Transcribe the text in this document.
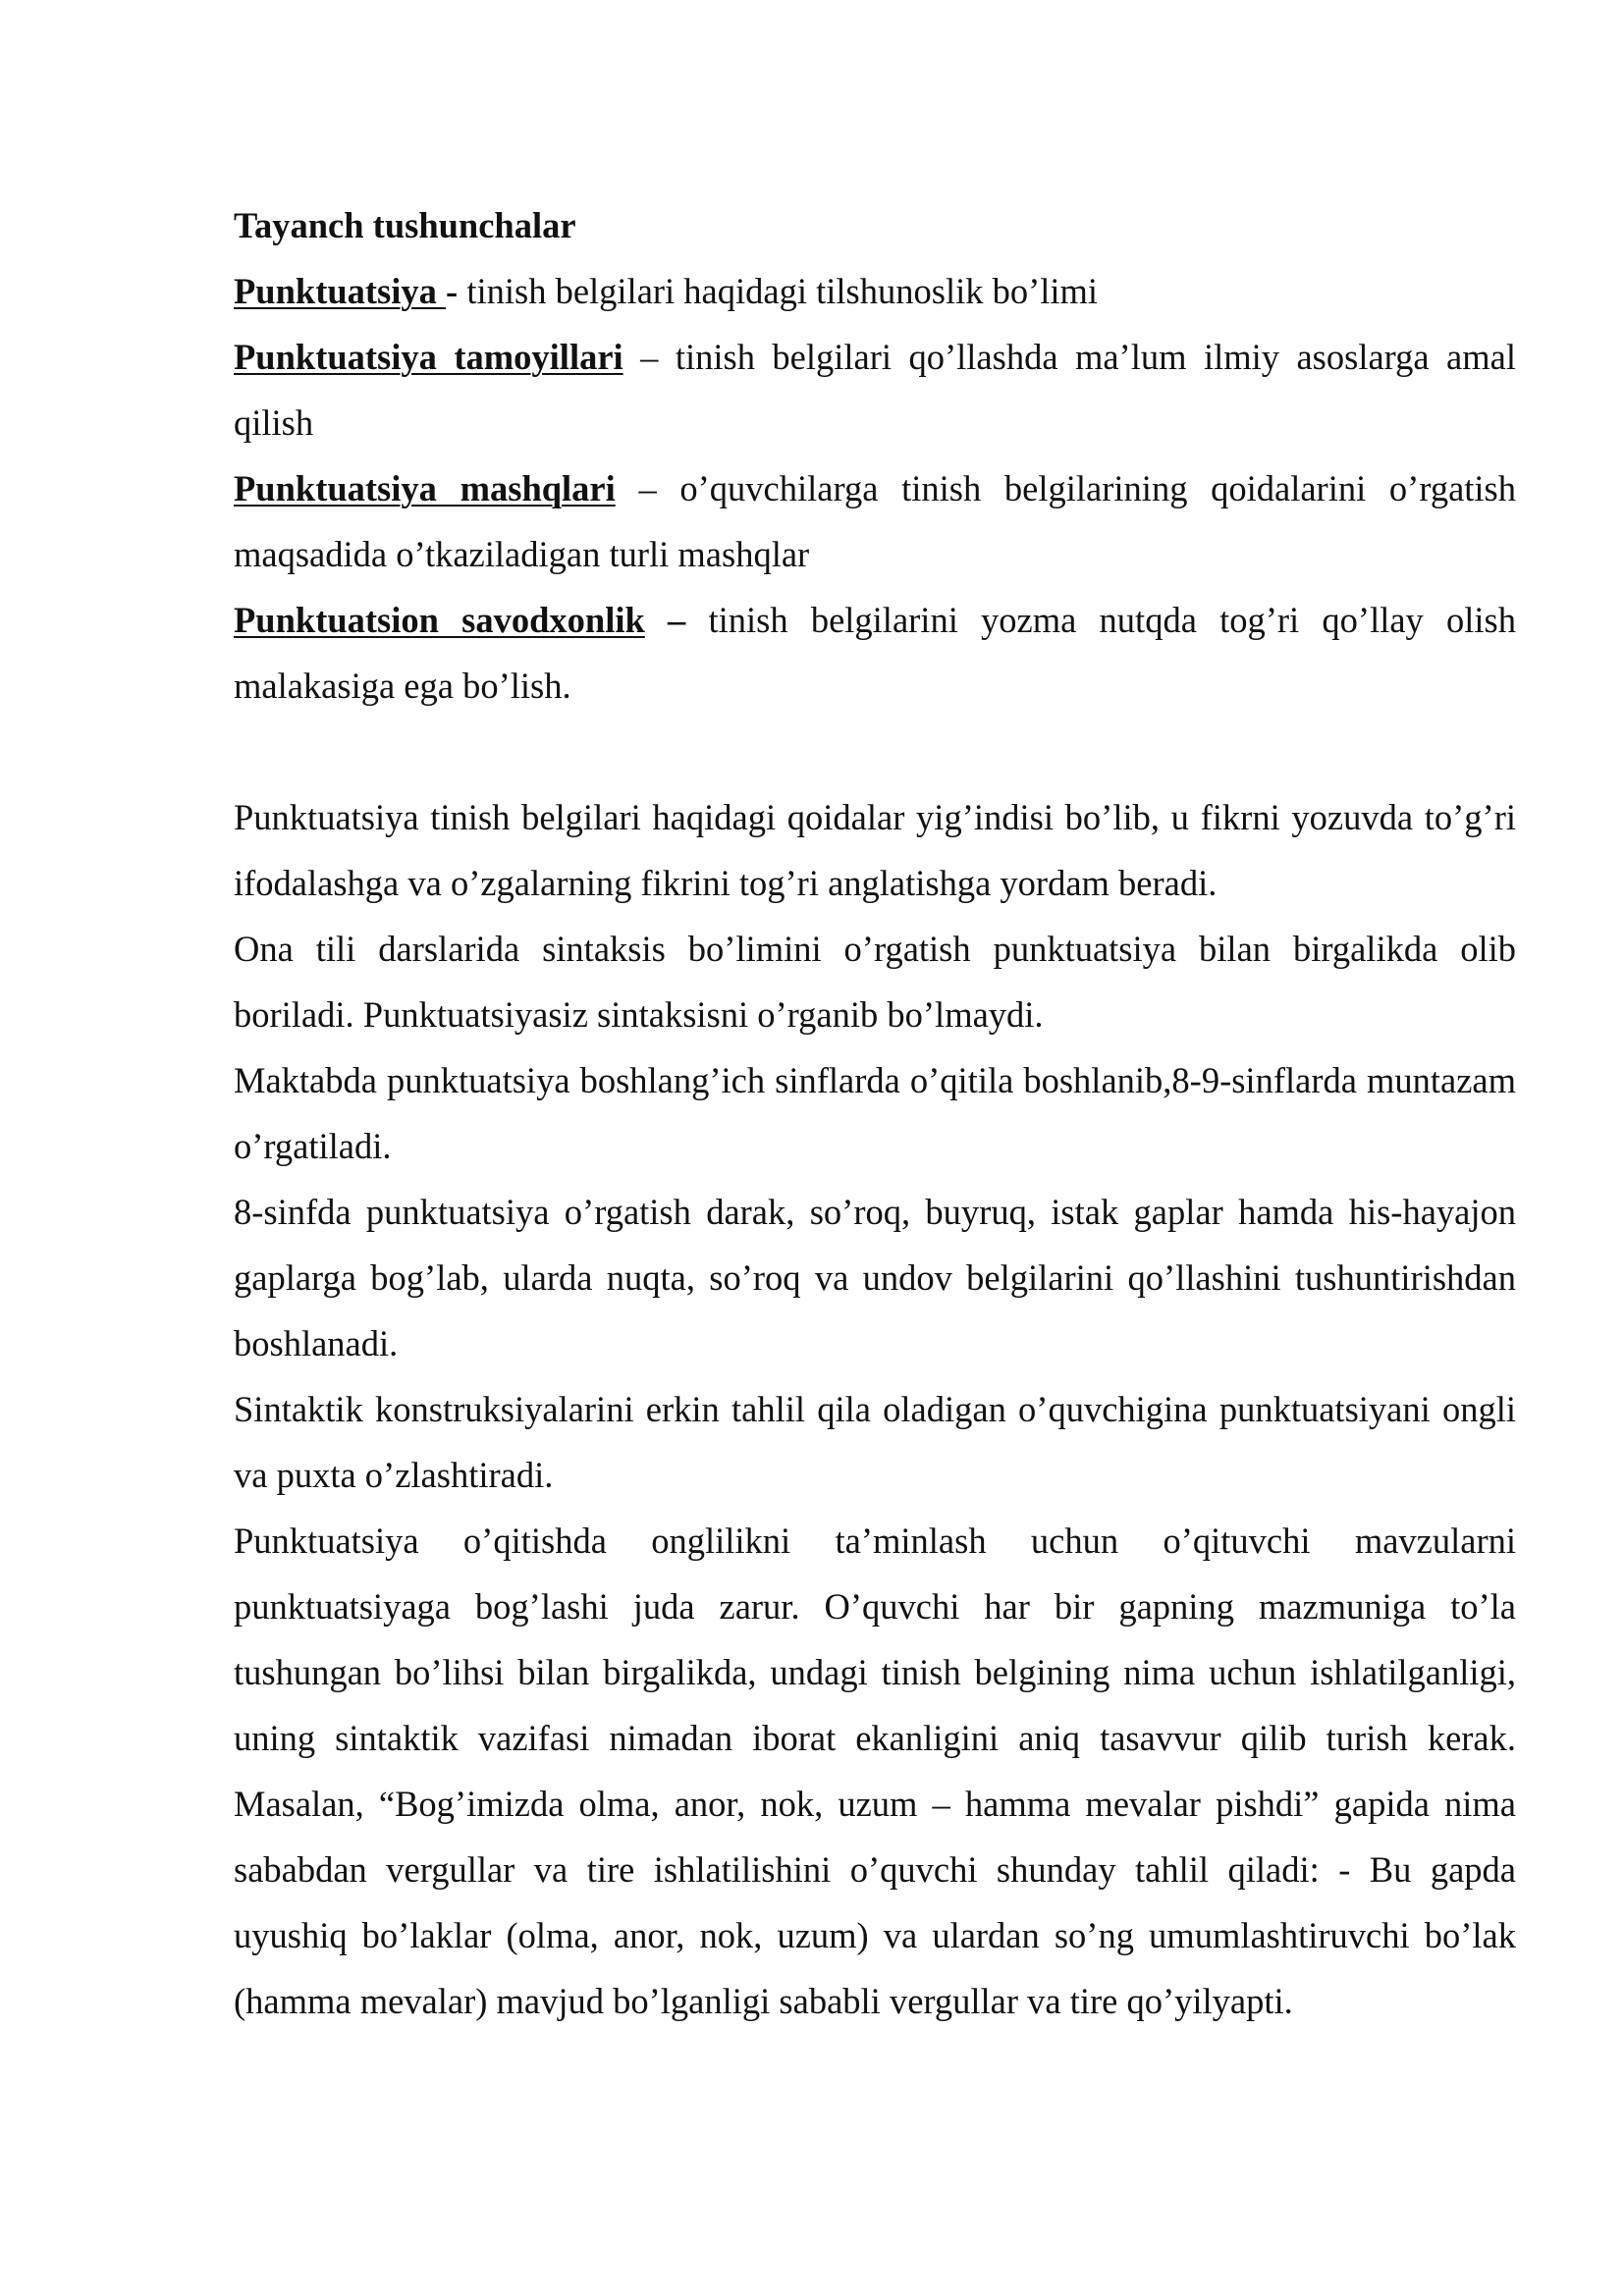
Tayanch tushunchalar

Punktuatsiya - tinish belgilari haqidagi tilshunoslik bo’limi

Punktuatsiya tamoyillari – tinish belgilari qo’llashda ma’lum ilmiy asoslarga amal qilish

Punktuatsiya mashqlari – o’quvchilarga tinish belgilarining qoidalarini o’rgatish maqsadida o’tkaziladigan turli mashqlar

Punktuatsion savodxonlik – tinish belgilarini yozma nutqda tog’ri qo’llay olish malakasiga ega bo’lish.

Punktuatsiya tinish belgilari haqidagi qoidalar yig’indisi bo’lib, u fikrni yozuvda to’g’ri ifodalashga va o’zgalarning fikrini tog’ri anglatishga yordam beradi.

Ona tili darslarida sintaksis bo’limini o’rgatish punktuatsiya bilan birgalikda olib boriladi. Punktuatsiyasiz sintaksisni o’rganib bo’lmaydi.

Maktabda punktuatsiya boshlang’ich sinflarda o’qitila boshlanib,8-9-sinflarda muntazam o’rgatiladi.

8-sinfda punktuatsiya o’rgatish darak, so’roq, buyruq, istak gaplar hamda his-hayajon gaplarga bog’lab, ularda nuqta, so’roq va undov belgilarini qo’llashini tushuntirishdan boshlanadi.

Sintaktik konstruksiyalarini erkin tahlil qila oladigan o’quvchigina punktuatsiyani ongli va puxta o’zlashtiradi.

Punktuatsiya o’qitishda onglilikni ta’minlash uchun o’qituvchi mavzularni punktuatsiyaga bog’lashi juda zarur. O’quvchi har bir gapning mazmuniga to’la tushungan bo’lihsi bilan birgalikda, undagi tinish belgining nima uchun ishlatilganligi, uning sintaktik vazifasi nimadan iborat ekanligini aniq tasavvur qilib turish kerak. Masalan, “Bog’imizda olma, anor, nok, uzum – hamma mevalar pishdi” gapida nima sababdan vergullar va tire ishlatilishini o’quvchi shunday tahlil qiladi: - Bu gapda uyushiq bo’laklar (olma, anor, nok, uzum) va ulardan so’ng umumlashtiruvchi bo’lak (hamma mevalar) mavjud bo’lganligi sababli vergullar va tire qo’yilyapti.
